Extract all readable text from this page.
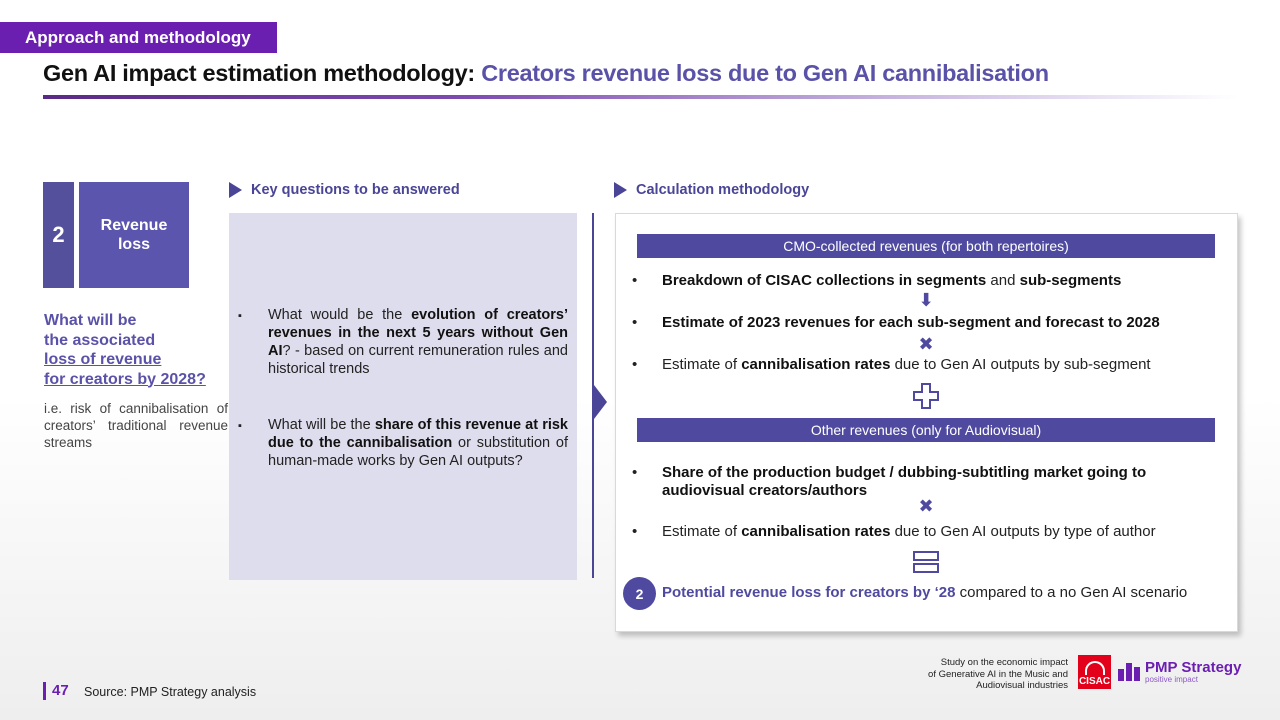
Approach and methodology
Gen AI impact estimation methodology: Creators revenue loss due to Gen AI cannibalisation
2	Revenue loss
What will be
the associated
loss of revenue
for creators by 2028?
i.e. risk of cannibalisation of creators’ traditional revenue streams
Key questions to be answered
▪	What would be the evolution of creators’ revenues in the next 5 years without Gen AI? - based on current remuneration rules and historical trends
▪	What will be the share of this revenue at risk due to the cannibalisation or substitution of human-made works by Gen AI outputs?
Calculation methodology
CMO-collected revenues (for both repertoires)
•	Breakdown of CISAC collections in segments and sub-segments
⬇
•	Estimate of 2023 revenues for each sub-segment and forecast to 2028
✖
•	Estimate of cannibalisation rates due to Gen AI outputs by sub-segment
Other revenues (only for Audiovisual)
•	Share of the production budget / dubbing-subtitling market going to audiovisual creators/authors
✖
•	Estimate of cannibalisation rates due to Gen AI outputs by type of author
2	Potential revenue loss for creators by ‘28 compared to a no Gen AI scenario
47 Source: PMP Strategy analysis
Study on the economic impact
of Generative AI in the Music and
Audiovisual industries CISAC
PMP Strategy
positive impact
